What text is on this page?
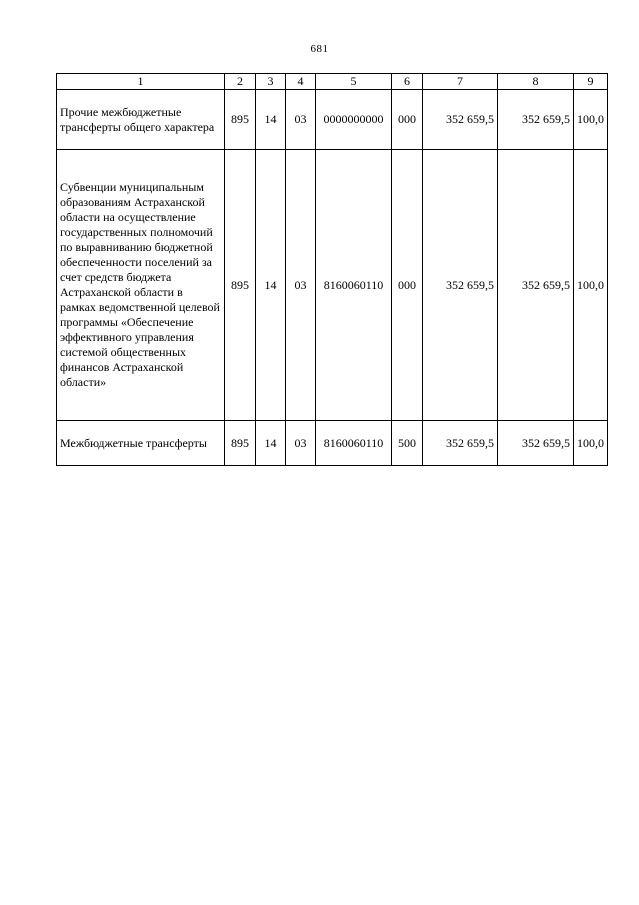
681
1	2	3	4	5	6	7	8	9
Прочие межбюджетные трансферты общего характера	895	14	03	0000000000	000	352 659,5	352 659,5	100,0
Субвенции муниципальным образованиям Астраханской области на осуществление государственных полномочий по выравниванию бюджетной обеспеченности поселений за счет средств бюджета Астраханской области в рамках ведомственной целевой программы «Обеспечение эффективного управления системой общественных финансов Астраханской области»	895	14	03	8160060110	000	352 659,5	352 659,5	100,0
Межбюджетные трансферты	895	14	03	8160060110	500	352 659,5	352 659,5	100,0
